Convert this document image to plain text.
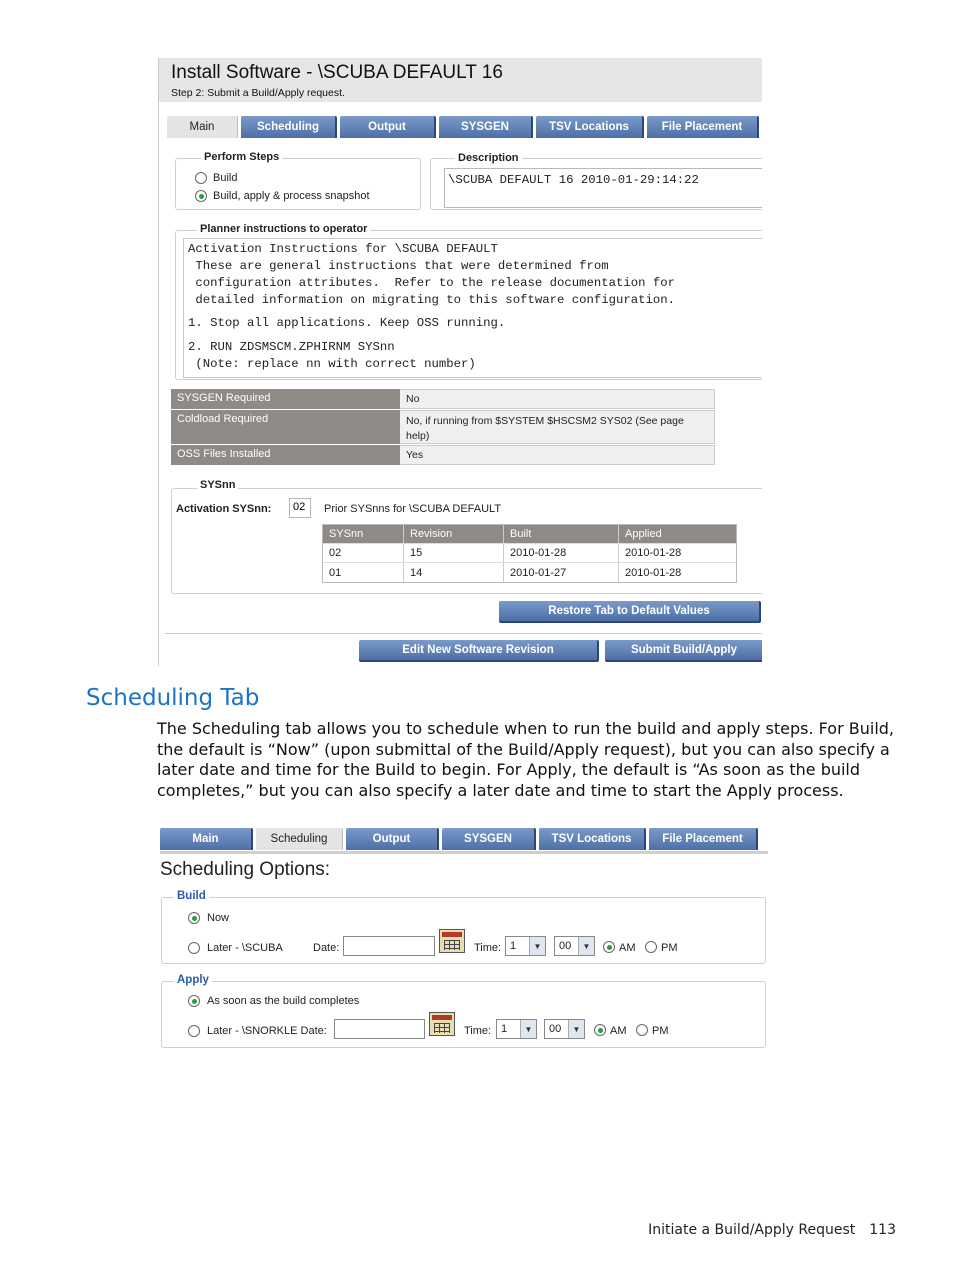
Install Software - \SCUBA DEFAULT 16
Step 2: Submit a Build/Apply request.
Main	Scheduling	Output	SYSGEN	TSV Locations	File Placement
Perform Steps
Build
Build, apply & process snapshot
Description
\SCUBA DEFAULT 16 2010-01-29:14:22
Planner instructions to operator
Activation Instructions for \SCUBA DEFAULT
These are general instructions that were determined from
configuration attributes.  Refer to the release documentation for
detailed information on migrating to this software configuration.
1. Stop all applications. Keep OSS running.
2. RUN ZDSMSCM.ZPHIRNM SYSnn
(Note: replace nn with correct number)
SYSGEN Required	No
Coldload Required	No, if running from $SYSTEM $HSCSM2 SYS02 (See page help)
OSS Files Installed	Yes
SYSnn
Activation SYSnn:	02	Prior SYSnns for \SCUBA DEFAULT
SYSnn	Revision	Built	Applied
02	15	2010-01-28	2010-01-28
01	14	2010-01-27	2010-01-28
Restore Tab to Default Values
Edit New Software Revision	Submit Build/Apply
Scheduling Tab
The Scheduling tab allows you to schedule when to run the build and apply steps. For Build, the default is “Now” (upon submittal of the Build/Apply request), but you can also specify a later date and time for the Build to begin. For Apply, the default is “As soon as the build completes,” but you can also specify a later date and time to start the Apply process.
Main	Scheduling	Output	SYSGEN	TSV Locations	File Placement
Scheduling Options:
Build
Now
Later - \SCUBA	Date:	Time: 1	▼	00	▼	AM PM
Apply
As soon as the build completes
Later - \SNORKLE Date:	Time: 1	▼	00	▼	AM PM
Initiate a Build/Apply Request 113
